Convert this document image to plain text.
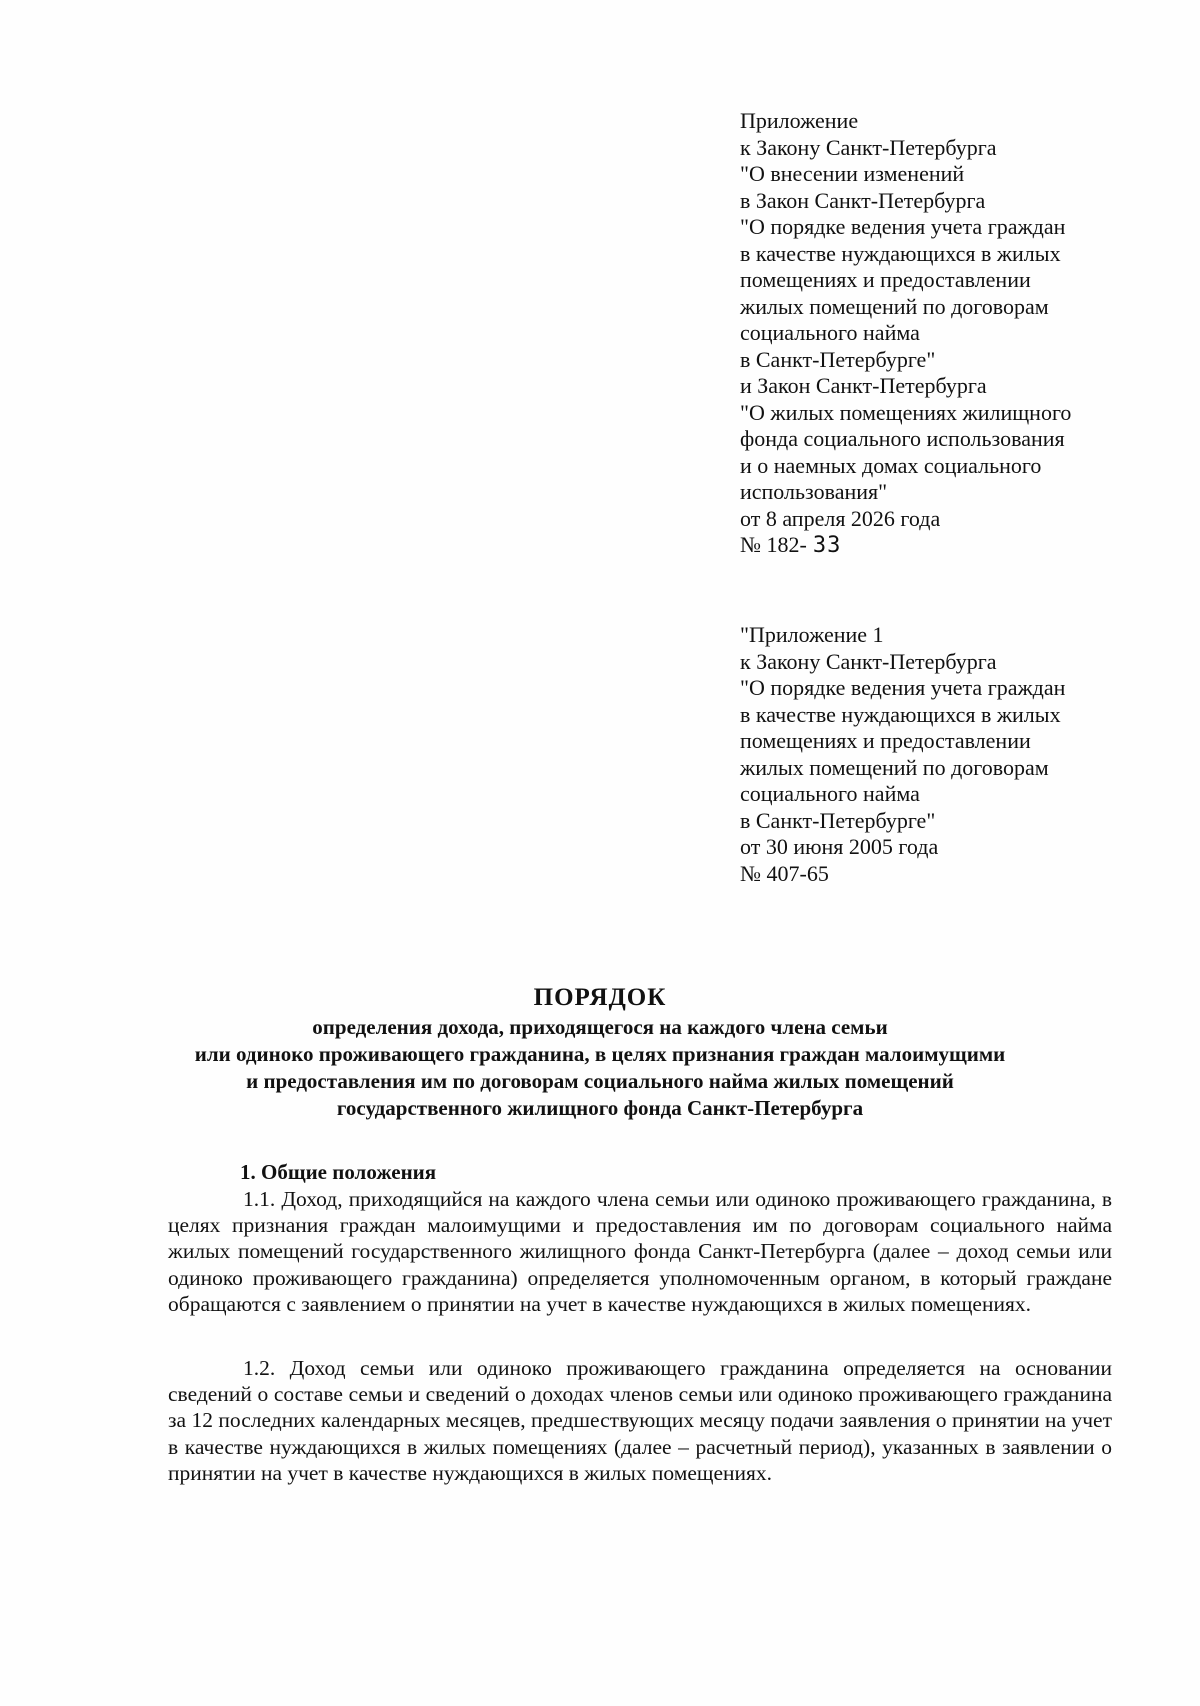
Приложение
к Закону Санкт-Петербурга
"О внесении изменений
в Закон Санкт-Петербурга
"О порядке ведения учета граждан
в качестве нуждающихся в жилых
помещениях и предоставлении
жилых помещений по договорам
социального найма
в Санкт-Петербурге"
и Закон Санкт-Петербурга
"О жилых помещениях жилищного
фонда социального использования
и о наемных домах социального
использования"
от 8 апреля 2026 года
№ 182- 33
"Приложение 1
к Закону Санкт-Петербурга
"О порядке ведения учета граждан
в качестве нуждающихся в жилых
помещениях и предоставлении
жилых помещений по договорам
социального найма
в Санкт-Петербурге"
от 30 июня 2005 года
№ 407-65
ПОРЯДОК
определения дохода, приходящегося на каждого члена семьи
или одиноко проживающего гражданина, в целях признания граждан малоимущими
и предоставления им по договорам социального найма жилых помещений
государственного жилищного фонда Санкт-Петербурга
1. Общие положения
1.1. Доход, приходящийся на каждого члена семьи или одиноко проживающего гражданина, в целях признания граждан малоимущими и предоставления им по договорам социального найма жилых помещений государственного жилищного фонда Санкт-Петербурга (далее – доход семьи или одиноко проживающего гражданина) определяется уполномоченным органом, в который граждане обращаются с заявлением о принятии на учет в качестве нуждающихся в жилых помещениях.
1.2. Доход семьи или одиноко проживающего гражданина определяется на основании сведений о составе семьи и сведений о доходах членов семьи или одиноко проживающего гражданина за 12 последних календарных месяцев, предшествующих месяцу подачи заявления о принятии на учет в качестве нуждающихся в жилых помещениях (далее – расчетный период), указанных в заявлении о принятии на учет в качестве нуждающихся в жилых помещениях.
